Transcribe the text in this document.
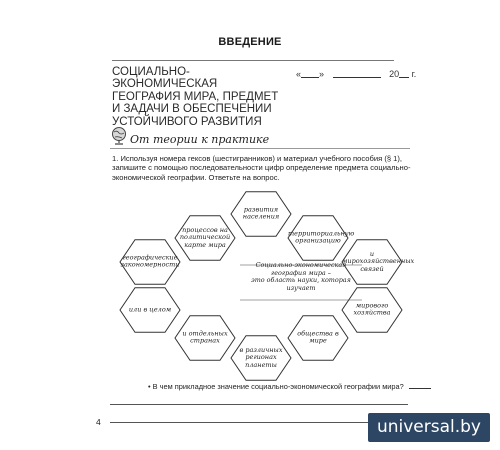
ВВЕДЕНИЕ
СОЦИАЛЬНО-ЭКОНОМИЧЕСКАЯ ГЕОГРАФИЯ МИРА, ПРЕДМЕТ И ЗАДАЧИ В ОБЕСПЕЧЕНИИ УСТОЙЧИВОГО РАЗВИТИЯ
« »	20 г.
От теории к практике
1. Используя номера гексов (шестигранников) и материал учебного пособия (§ 1), запишите с помощью последовательности цифр определение предмета социально-экономической географии. Ответьте на вопрос.
развития населения
процессов на политической карте мира
территориальную организацию
географические закономерности
и мирохозяйственных связей
или в целом	мирового хозяйства
и отдельных странах
общества в мире
в различных регионах планеты
Социально-экономическая география мира –
это область науки, которая изучает
• В чем прикладное значение социально-экономической географии мира?
4	universal.by
